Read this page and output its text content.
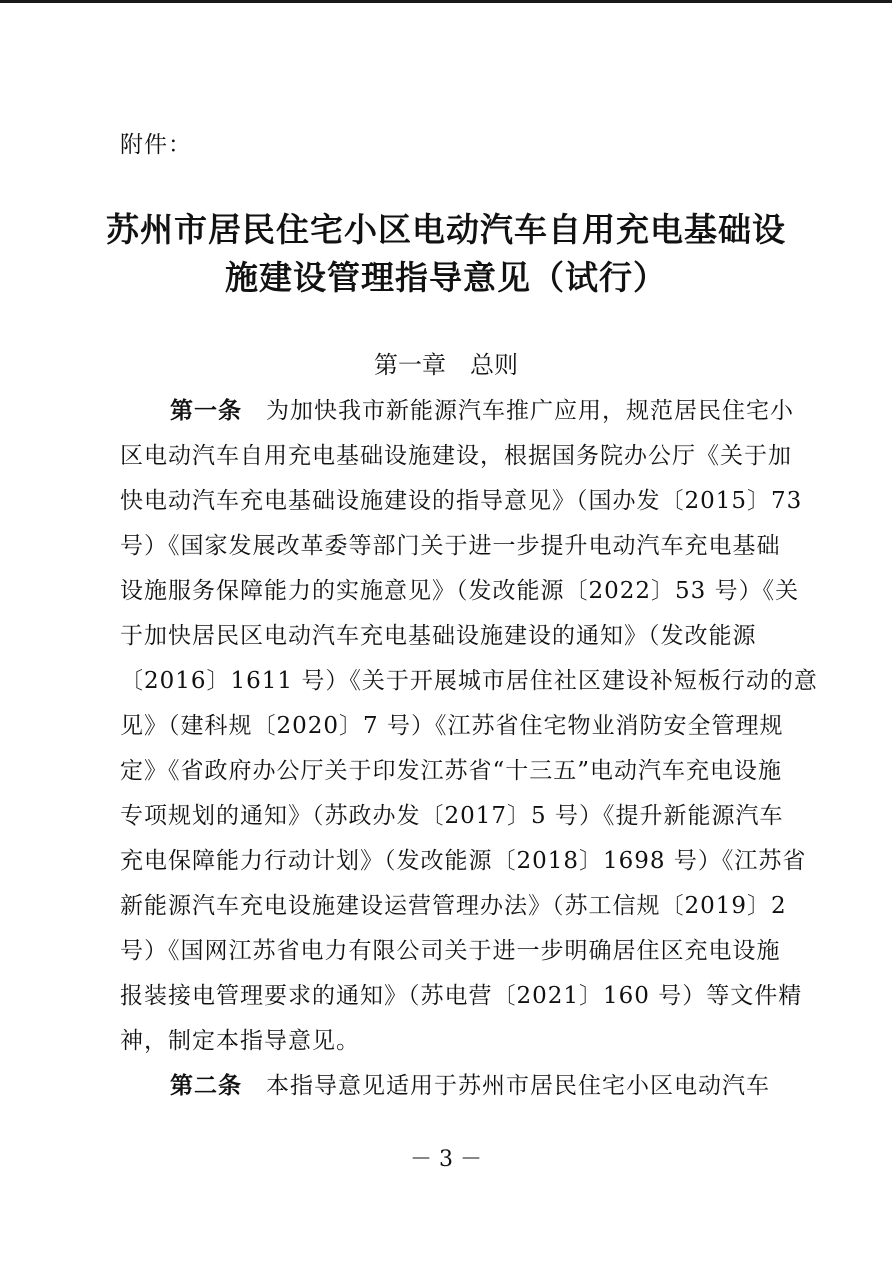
附件：
苏州市居民住宅小区电动汽车自用充电基础设
施建设管理指导意见（试行）
第一章　总则
第一条 为加快我市新能源汽车推广应用，规范居民住宅小
区电动汽车自用充电基础设施建设，根据国务院办公厅《关于加
快电动汽车充电基础设施建设的指导意见》（国办发〔2015〕73
号）《国家发展改革委等部门关于进一步提升电动汽车充电基础
设施服务保障能力的实施意见》（发改能源〔2022〕53 号）《关
于加快居民区电动汽车充电基础设施建设的通知》（发改能源
〔2016〕1611 号）《关于开展城市居住社区建设补短板行动的意
见》（建科规〔2020〕7 号）《江苏省住宅物业消防安全管理规
定》《省政府办公厅关于印发江苏省“十三五”电动汽车充电设施
专项规划的通知》（苏政办发〔2017〕5 号）《提升新能源汽车
充电保障能力行动计划》（发改能源〔2018〕1698 号）《江苏省
新能源汽车充电设施建设运营管理办法》（苏工信规〔2019〕2
号）《国网江苏省电力有限公司关于进一步明确居住区充电设施
报装接电管理要求的通知》（苏电营〔2021〕160 号）等文件精
神，制定本指导意见。
第二条 本指导意见适用于苏州市居民住宅小区电动汽车
－ 3 －
